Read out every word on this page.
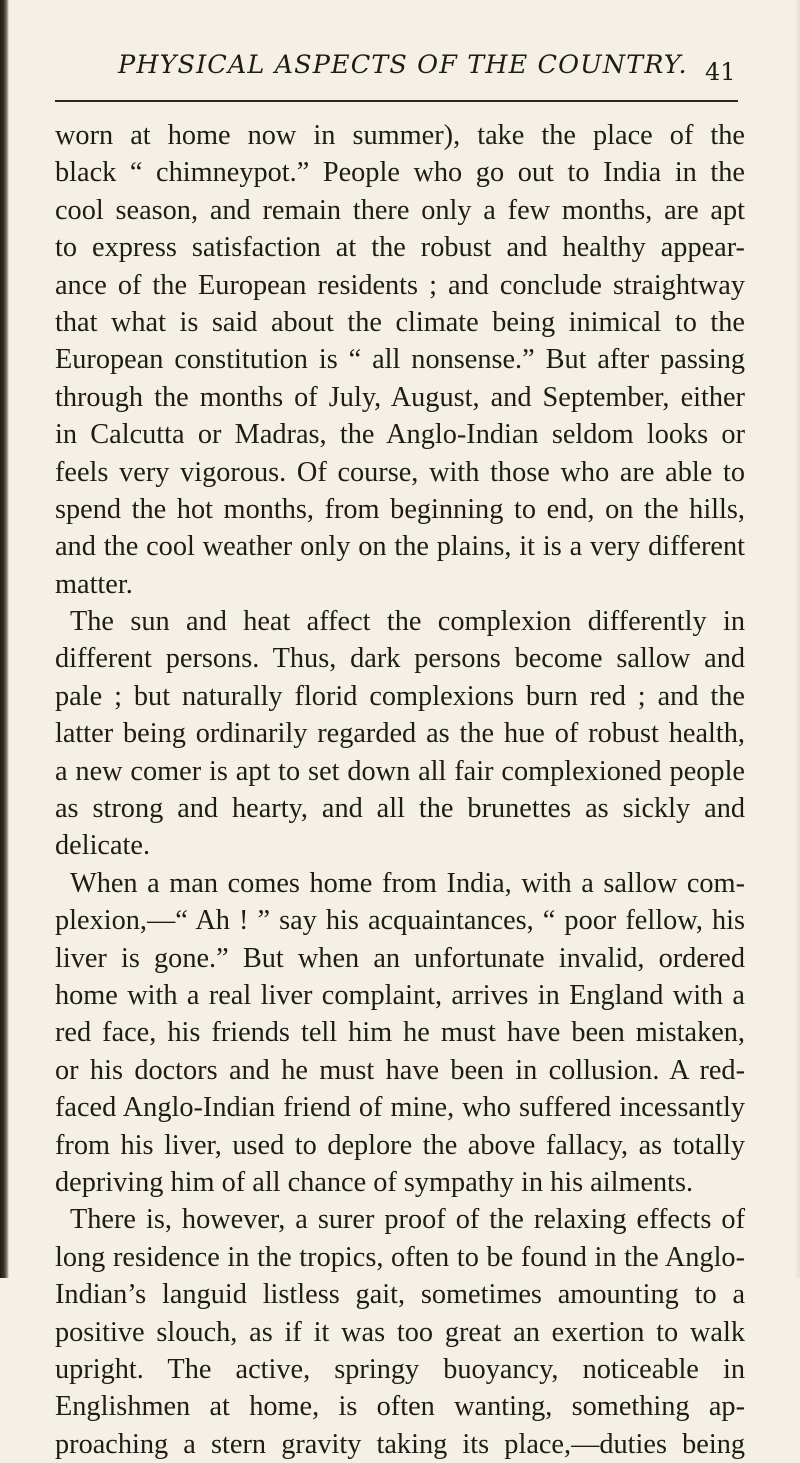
PHYSICAL ASPECTS OF THE COUNTRY. 41
worn at home now in summer), take the place of the
black “ chimneypot.” People who go out to India in the
cool season, and remain there only a few months, are apt
to express satisfaction at the robust and healthy appear-
ance of the European residents ; and conclude straightway
that what is said about the climate being inimical to the
European constitution is “ all nonsense.” But after passing
through the months of July, August, and September, either
in Calcutta or Madras, the Anglo-Indian seldom looks or
feels very vigorous. Of course, with those who are able to
spend the hot months, from beginning to end, on the hills,
and the cool weather only on the plains, it is a very different
matter.
The sun and heat affect the complexion differently in
different persons. Thus, dark persons become sallow and
pale ; but naturally florid complexions burn red ; and the
latter being ordinarily regarded as the hue of robust health,
a new comer is apt to set down all fair complexioned people
as strong and hearty, and all the brunettes as sickly and
delicate.
When a man comes home from India, with a sallow com-
plexion,—“ Ah ! ” say his acquaintances, “ poor fellow, his
liver is gone.” But when an unfortunate invalid, ordered
home with a real liver complaint, arrives in England with a
red face, his friends tell him he must have been mistaken,
or his doctors and he must have been in collusion. A red-
faced Anglo-Indian friend of mine, who suffered incessantly
from his liver, used to deplore the above fallacy, as totally
depriving him of all chance of sympathy in his ailments.
There is, however, a surer proof of the relaxing effects of
long residence in the tropics, often to be found in the Anglo-
Indian’s languid listless gait, sometimes amounting to a
positive slouch, as if it was too great an exertion to walk
upright. The active, springy buoyancy, noticeable in
Englishmen at home, is often wanting, something ap-
proaching a stern gravity taking its place,—duties being
